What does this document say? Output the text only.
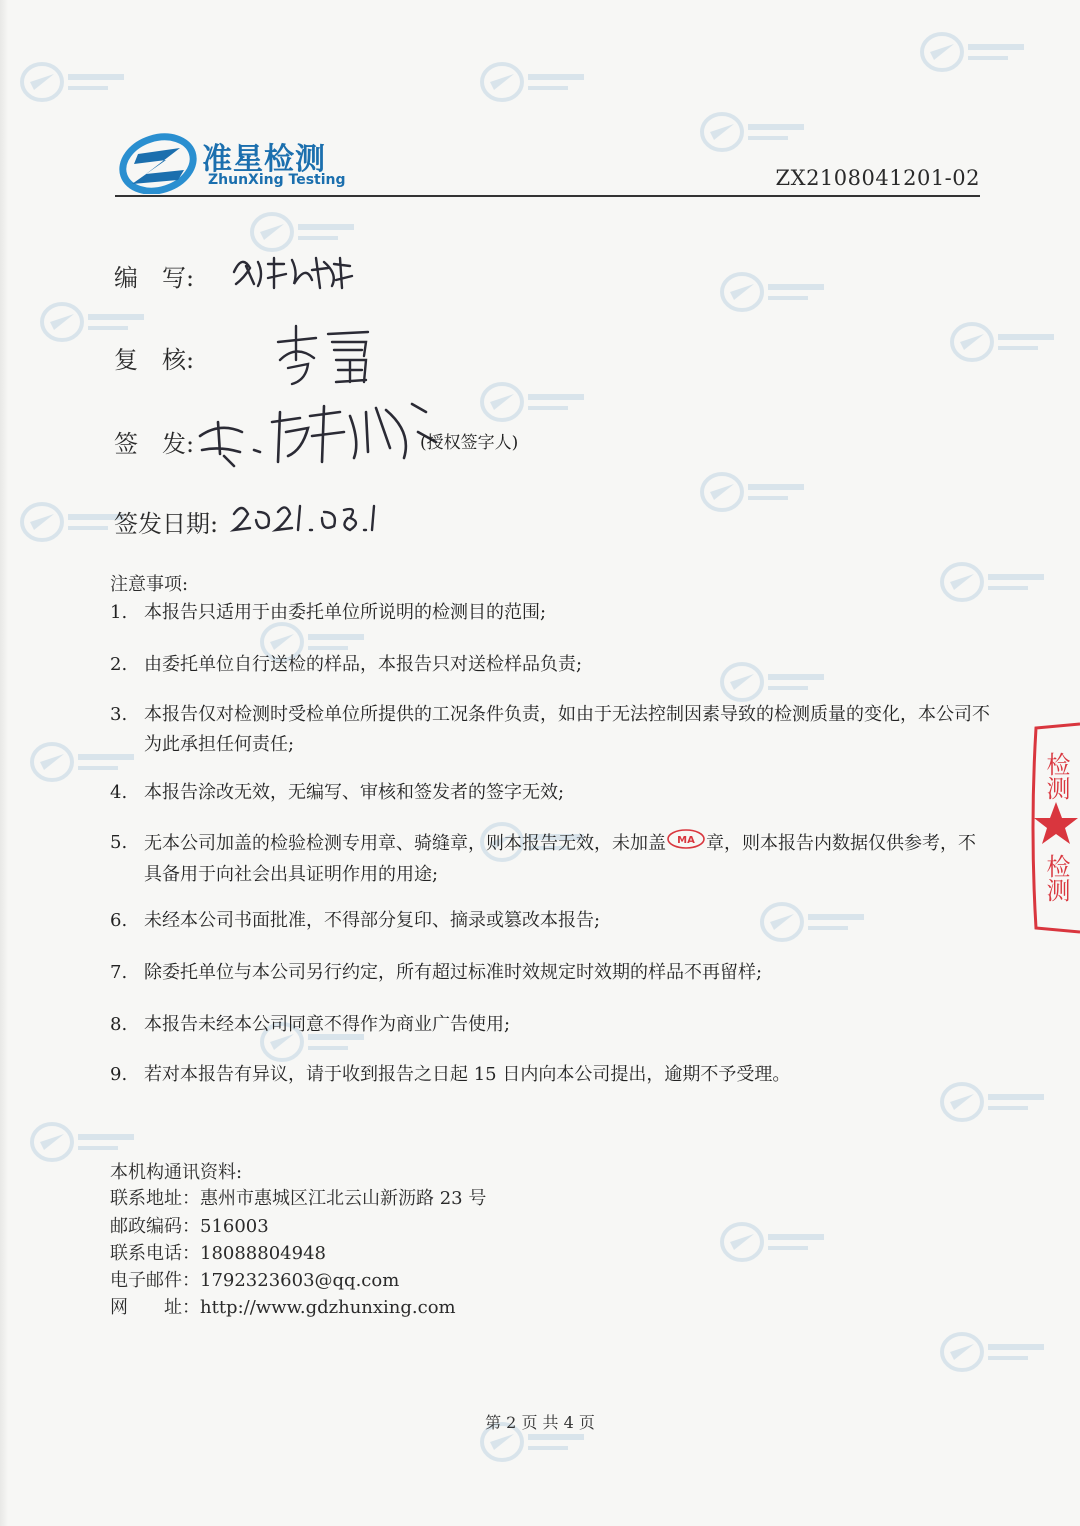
准星检测
ZhunXing Testing	ZX2108041201-02
编　写:
复　核:
签　发:	(授权签字人)
签发日期:
注意事项:
1. 本报告只适用于由委托单位所说明的检测目的范围;
2. 由委托单位自行送检的样品，本报告只对送检样品负责;
3. 本报告仅对检测时受检单位所提供的工况条件负责，如由于无法控制因素导致的检测质量的变化，本公司不为此承担任何责任;
4. 本报告涂改无效，无编写、审核和签发者的签字无效;
5. 无本公司加盖的检验检测专用章、骑缝章，则本报告无效，未加盖 MA 章，则本报告内数据仅供参考，不具备用于向社会出具证明作用的用途;
6. 未经本公司书面批准，不得部分复印、摘录或篡改本报告;
7. 除委托单位与本公司另行约定，所有超过标准时效规定时效期的样品不再留样;
8. 本报告未经本公司同意不得作为商业广告使用;
9. 若对本报告有异议，请于收到报告之日起 15 日内向本公司提出，逾期不予受理。
本机构通讯资料:
联系地址：惠州市惠城区江北云山新沥路 23 号
邮政编码：516003
联系电话：18088804948
电子邮件：1792323603@qq.com
网　　址：http://www.gdzhunxing.com
第 2 页 共 4 页
检测
检测
